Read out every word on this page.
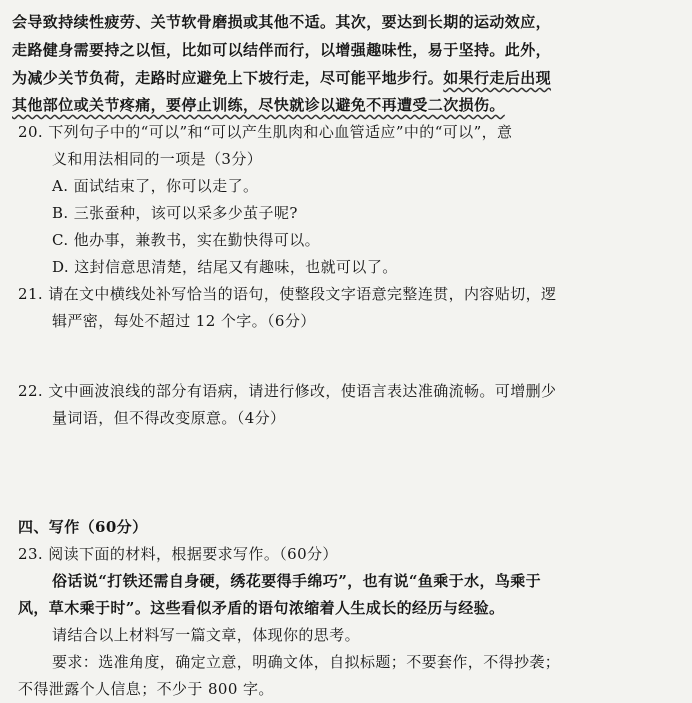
会导致持续性疲劳、关节软骨磨损或其他不适。其次，要达到长期的运动效应，
走路健身需要持之以恒，比如可以结伴而行，以增强趣味性，易于坚持。此外，
为减少关节负荷，走路时应避免上下坡行走，尽可能平地步行。如果行走后出现
其他部位或关节疼痛，要停止训练，尽快就诊以避免不再遭受二次损伤。
20. 下列句子中的“可以”和“可以产生肌肉和心血管适应”中的“可以”，意
义和用法相同的一项是（3分）
A. 面试结束了，你可以走了。
B. 三张蚕种，该可以采多少茧子呢?
C. 他办事，兼教书，实在勤快得可以。
D. 这封信意思清楚，结尾又有趣味，也就可以了。
21. 请在文中横线处补写恰当的语句，使整段文字语意完整连贯，内容贴切，逻
辑严密，每处不超过 12 个字。（6分）
22. 文中画波浪线的部分有语病，请进行修改，使语言表达准确流畅。可增删少
量词语，但不得改变原意。（4分）
四、写作（60分）
23. 阅读下面的材料，根据要求写作。（60分）
俗话说“打铁还需自身硬，绣花要得手绵巧”，也有说“鱼乘于水，鸟乘于
风，草木乘于时”。这些看似矛盾的语句浓缩着人生成长的经历与经验。
请结合以上材料写一篇文章，体现你的思考。
要求：选准角度，确定立意，明确文体，自拟标题；不要套作，不得抄袭；
不得泄露个人信息；不少于 800 字。
